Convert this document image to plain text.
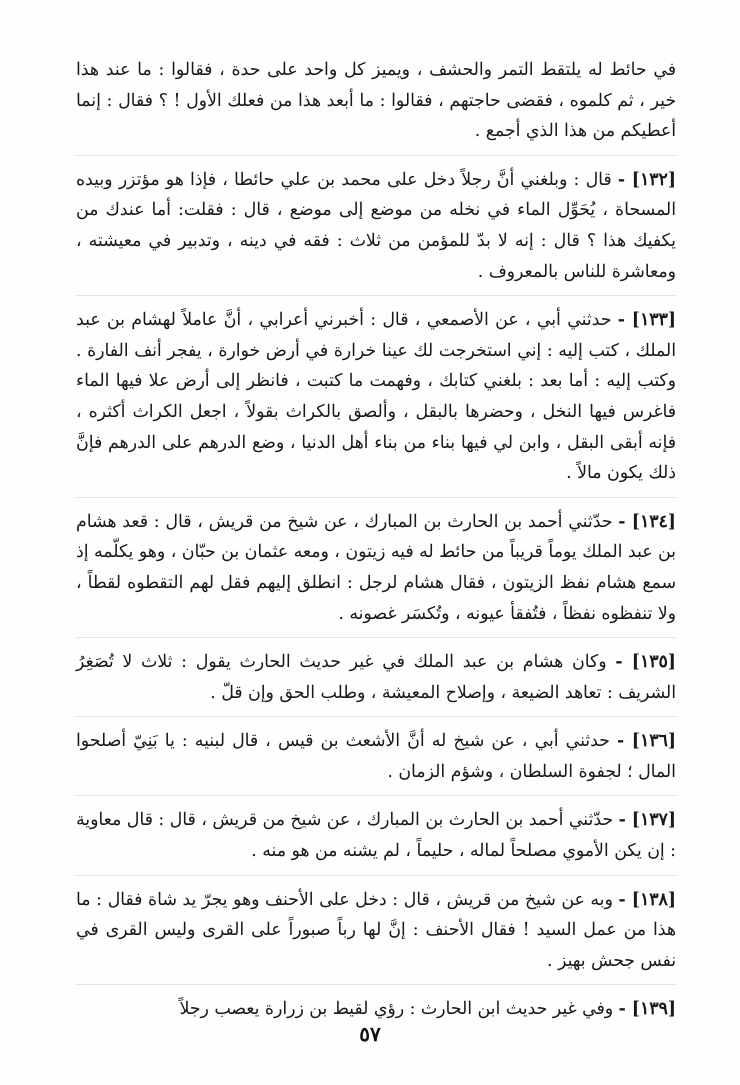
في حائط له يلتقط التمر والحشف ، ويميز كل واحد على حدة ، فقالوا : ما عند هذا خير ، ثم كلموه ، فقضى حاجتهم ، فقالوا : ما أبعد هذا من فعلك الأول ! ؟ فقال : إنما أعطيكم من هذا الذي أجمع .

[١٣٢] - قال : وبلغني أنَّ رجلاً دخل على محمد بن علي حائطا ، فإذا هو مؤتزر وبيده المسحاة ، يُحَوِّل الماء في نخله من موضع إلى موضع ، قال : فقلت: أما عندك من يكفيك هذا ؟ قال : إنه لا بدّ للمؤمن من ثلاث : فقه في دينه ، وتدبير في معيشته ، ومعاشرة للناس بالمعروف .

[١٣٣] - حدثني أبي ، عن الأصمعي ، قال : أخبرني أعرابي ، أنَّ عاملاً لهشام بن عبد الملك ، كتب إليه : إني استخرجت لك عينا خرارة في أرض خوارة ، يفجر أنف الفارة . وكتب إليه : أما بعد : بلغني كتابك ، وفهمت ما كتبت ، فانظر إلى أرض علا فيها الماء فاغرس فيها النخل ، وحضرها بالبقل ، وألصق بالكراث بقولاً ، اجعل الكراث أكثره ، فإنه أبقى البقل ، وابن لي فيها بناء من بناء أهل الدنيا ، وضع الدرهم على الدرهم فإنَّ ذلك يكون مالاً .

[١٣٤] - حدّثني أحمد بن الحارث بن المبارك ، عن شيخ من قريش ، قال : قعد هشام بن عبد الملك يوماً قريباً من حائط له فيه زيتون ، ومعه عثمان بن حبّان ، وهو يكلّمه إذ سمع هشام نفظ الزيتون ، فقال هشام لرجل : انطلق إليهم فقل لهم التقطوه لقطاً ، ولا تنفظوه نفظاً ، فتُفقأ عيونه ، وتُكسَر غصونه .

[١٣٥] - وكان هشام بن عبد الملك في غير حديث الحارث يقول : ثلاث لا تُصَغِرُ الشريف : تعاهد الضيعة ، وإصلاح المعيشة ، وطلب الحق وإن قلّ .

[١٣٦] - حدثني أبي ، عن شيخ له أنَّ الأشعث بن قيس ، قال لبنيه : يا بَنِيّ أصلحوا المال ؛ لجفوة السلطان ، وشؤم الزمان .

[١٣٧] - حدّثني أحمد بن الحارث بن المبارك ، عن شيخ من قريش ، قال : قال معاوية : إن يكن الأموي مصلحاً لماله ، حليماً ، لم يشنه من هو منه .

[١٣٨] - وبه عن شيخ من قريش ، قال : دخل على الأحنف وهو يجرّ يد شاة فقال : ما هذا من عمل السيد ! فقال الأحنف : إنَّ لها رباً صبوراً على القرى وليس القرى في نفس جحش بهيز .

[١٣٩] - وفي غير حديث ابن الحارث : رؤي لقيط بن زرارة يعصب رجلاً

٥٧
